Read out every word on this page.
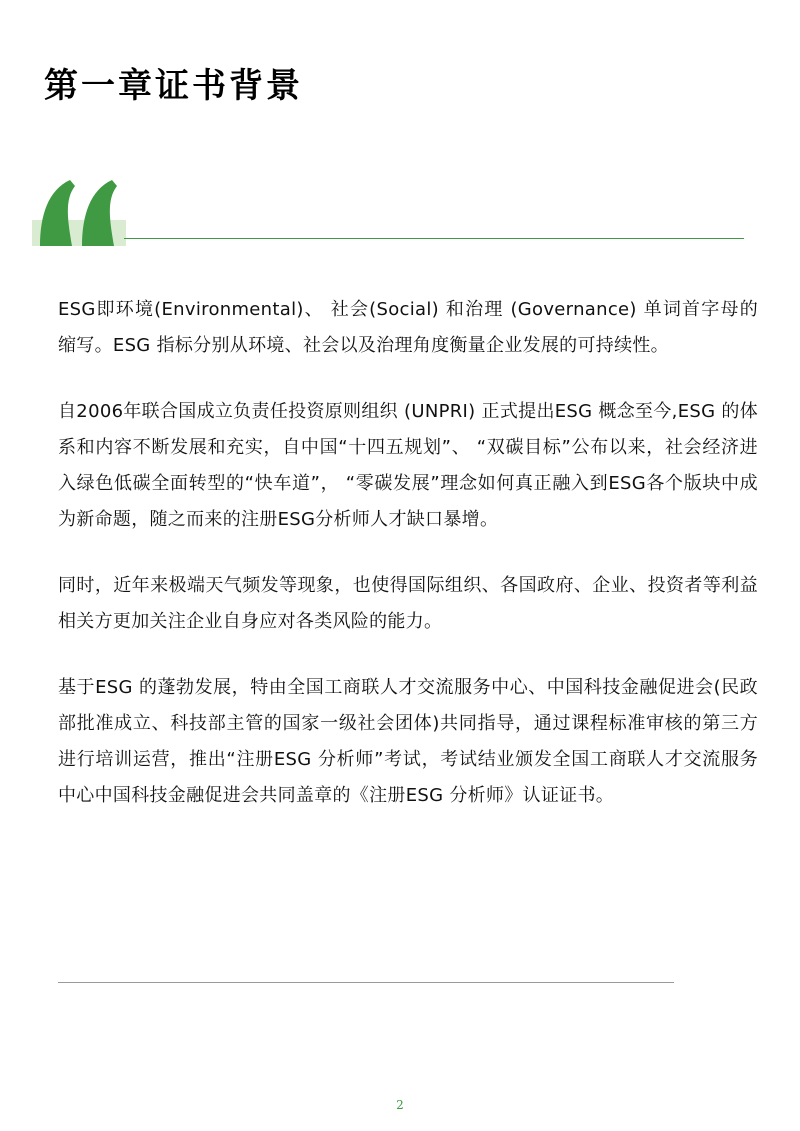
第一章证书背景

ESG即环境(Environmental)、 社会(Social) 和治理 (Governance) 单词首字母的缩写。ESG 指标分别从环境、社会以及治理角度衡量企业发展的可持续性。

自2006年联合国成立负责任投资原则组织 (UNPRI) 正式提出ESG 概念至今,ESG 的体系和内容不断发展和充实，自中国“十四五规划”、 “双碳目标”公布以来，社会经济进入绿色低碳全面转型的“快车道”， “零碳发展”理念如何真正融入到ESG各个版块中成为新命题，随之而来的注册ESG分析师人才缺口暴增。

同时，近年来极端天气频发等现象，也使得国际组织、各国政府、企业、投资者等利益相关方更加关注企业自身应对各类风险的能力。

基于ESG 的蓬勃发展，特由全国工商联人才交流服务中心、中国科技金融促进会(民政部批准成立、科技部主管的国家一级社会团体)共同指导，通过课程标准审核的第三方进行培训运营，推出“注册ESG 分析师”考试，考试结业颁发全国工商联人才交流服务中心中国科技金融促进会共同盖章的《注册ESG 分析师》认证证书。

2
